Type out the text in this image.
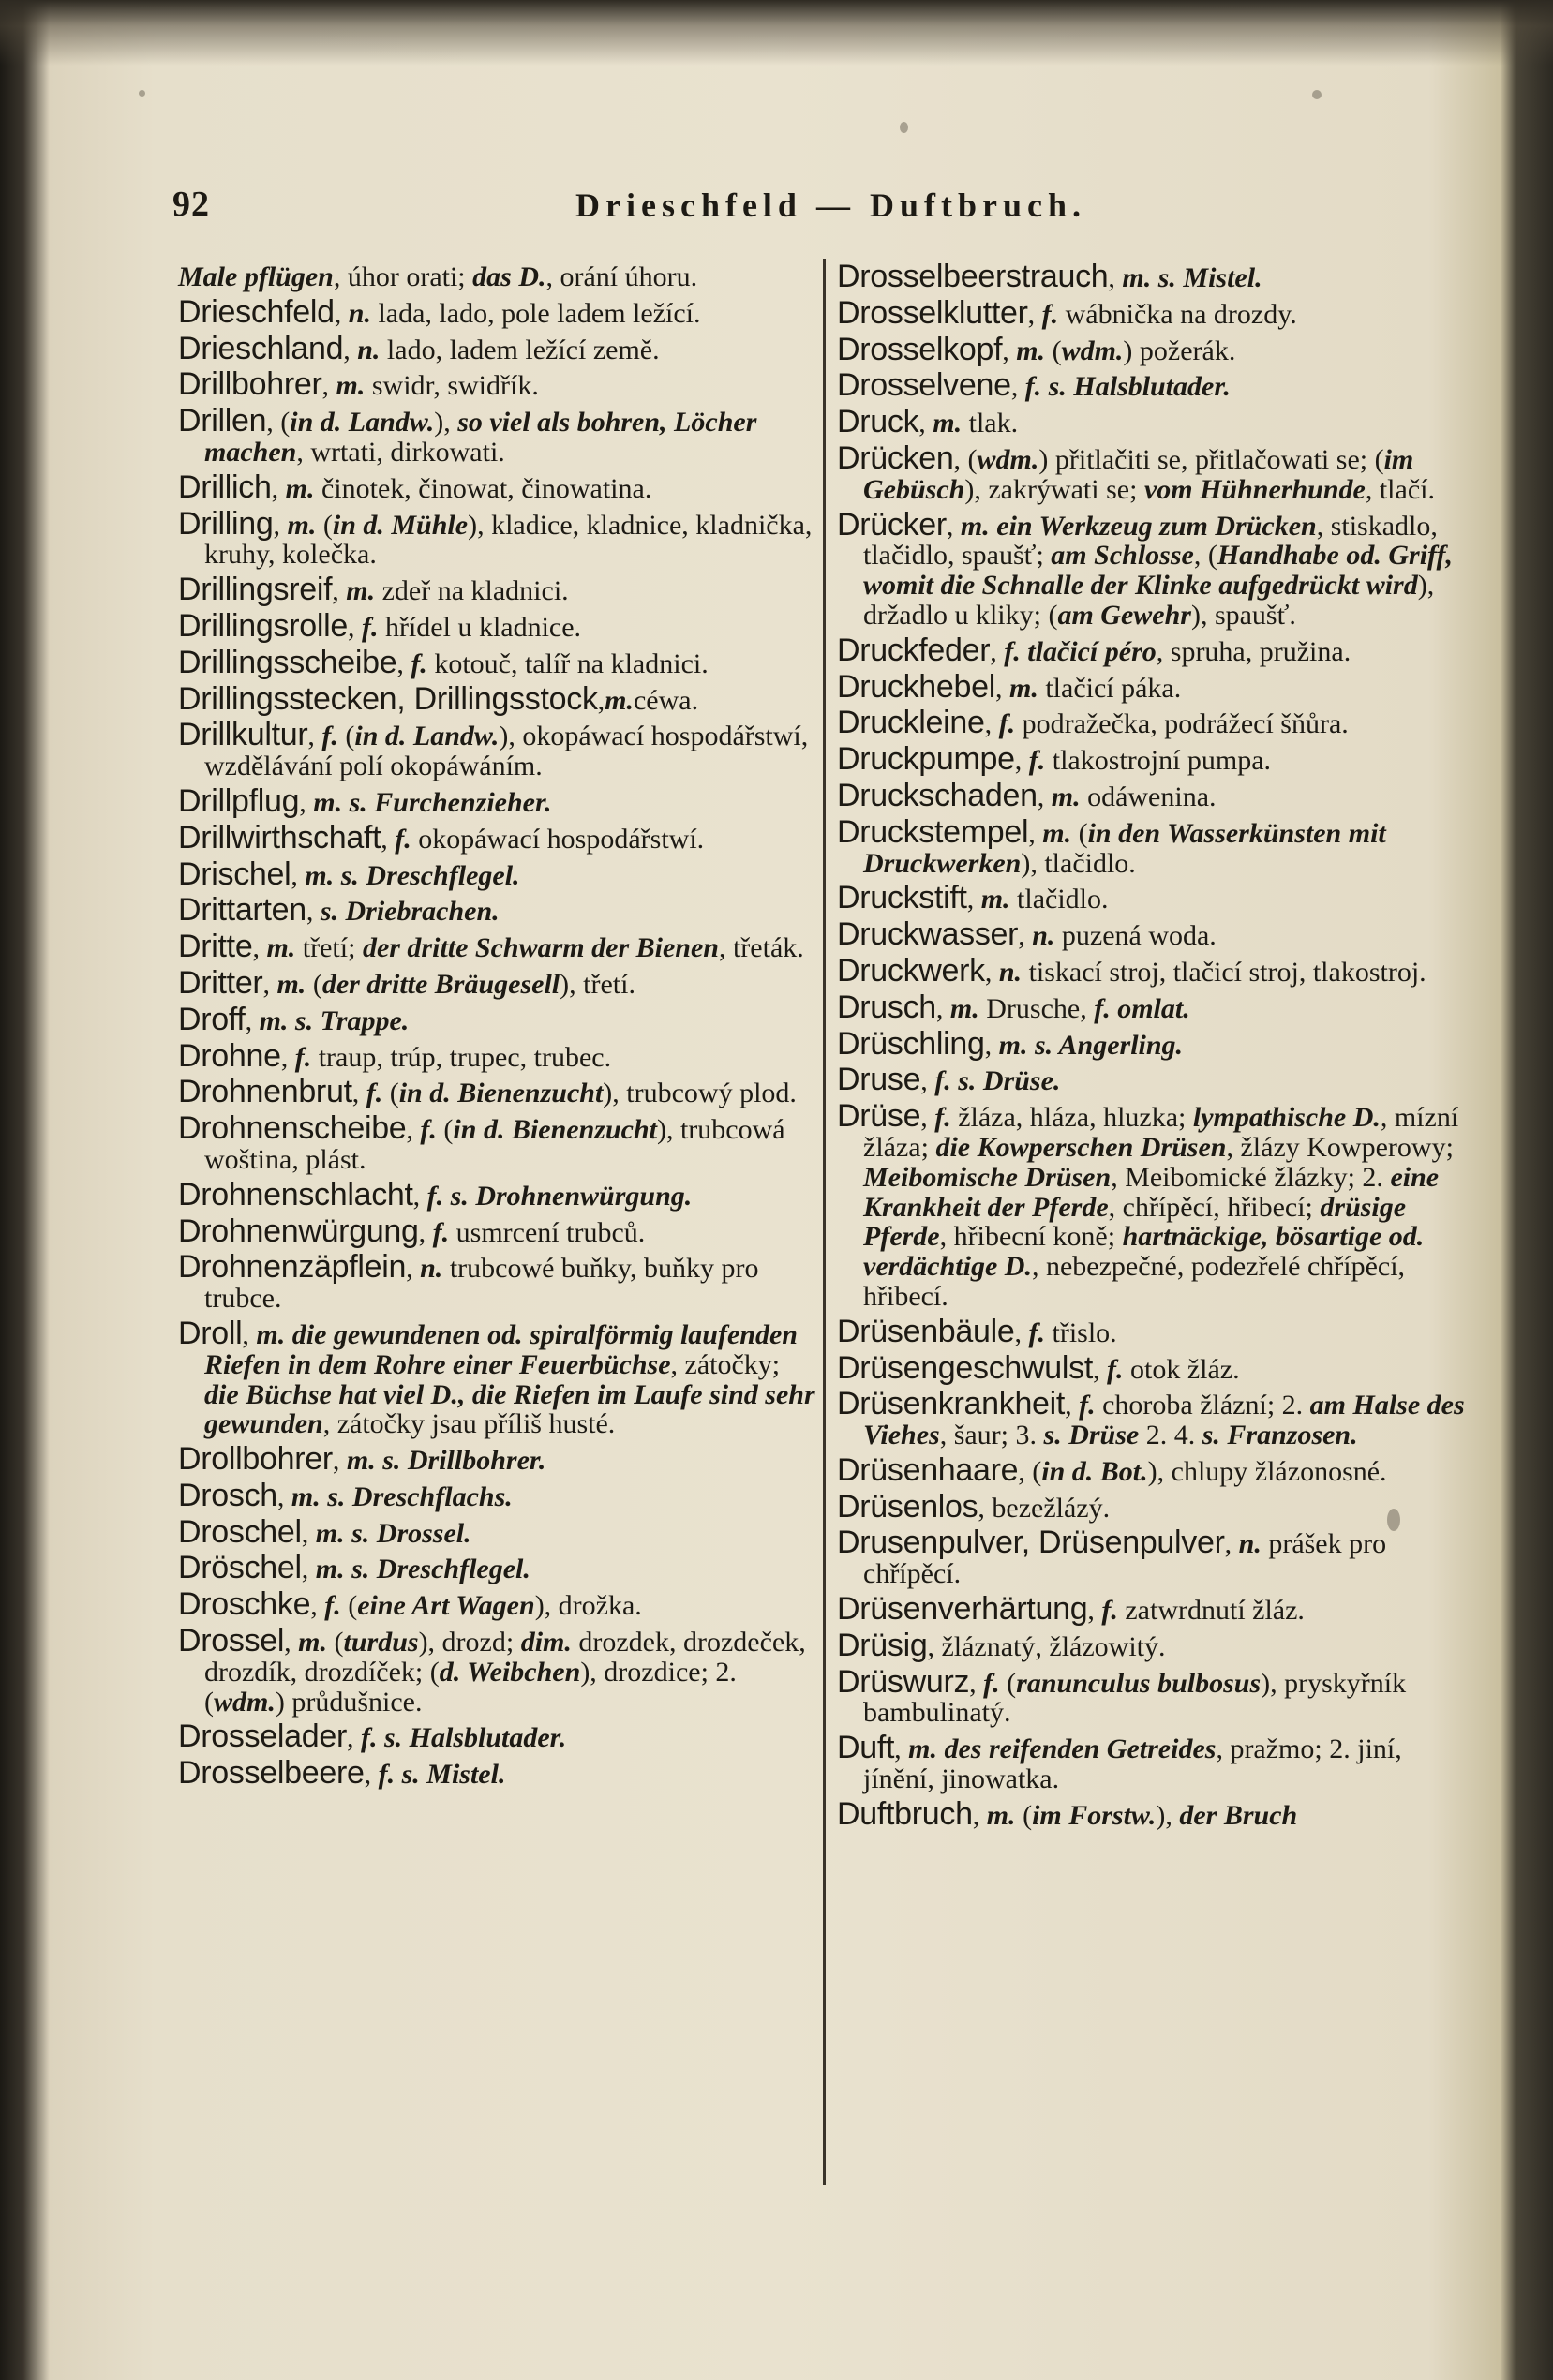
92	Drieschfeld — Duftbruch.

Male pflügen, úhor orati; das D., orání úhoru.

Drieschfeld, n. lada, lado, pole ladem ležící.

Drieschland, n. lado, ladem ležící země.

Drillbohrer, m. swidr, swidřík.

Drillen, (in d. Landw.), so viel als bohren, Löcher machen, wrtati, dirkowati.

Drillich, m. činotek, činowat, činowatina.

Drilling, m. (in d. Mühle), kladice, kladnice, kladnička, kruhy, kolečka.

Drillingsreif, m. zdeř na kladnici.

Drillingsrolle, f. hřídel u kladnice.

Drillingsscheibe, f. kotouč, talíř na kladnici.

Drillingsstecken, Drillingsstock,m.céwa.

Drillkultur, f. (in d. Landw.), okopáwací hospodářstwí, wzdělávání polí okopáwáním.

Drillpflug, m. s. Furchenzieher.

Drillwirthschaft, f. okopáwací hospodářstwí.

Drischel, m. s. Dreschflegel.

Drittarten, s. Driebrachen.

Dritte, m. třetí; der dritte Schwarm der Bienen, třeták.

Dritter, m. (der dritte Bräugesell), třetí.

Droff, m. s. Trappe.

Drohne, f. traup, trúp, trupec, trubec.

Drohnenbrut, f. (in d. Bienenzucht), trubcowý plod.

Drohnenscheibe, f. (in d. Bienenzucht), trubcowá woština, plást.

Drohnenschlacht, f. s. Drohnenwürgung.

Drohnenwürgung, f. usmrcení trubců.

Drohnenzäpflein, n. trubcowé buňky, buňky pro trubce.

Droll, m. die gewundenen od. spiralförmig laufenden Riefen in dem Rohre einer Feuerbüchse, zátočky; die Büchse hat viel D., die Riefen im Laufe sind sehr gewunden, zátočky jsau příliš husté.

Drollbohrer, m. s. Drillbohrer.

Drosch, m. s. Dreschflachs.

Droschel, m. s. Drossel.

Dröschel, m. s. Dreschflegel.

Droschke, f. (eine Art Wagen), drožka.

Drossel, m. (turdus), drozd; dim. drozdek, drozdeček, drozdík, drozdíček; (d. Weibchen), drozdice; 2. (wdm.) průdušnice.

Drosselader, f. s. Halsblutader.

Drosselbeere, f. s. Mistel.

Drosselbeerstrauch, m. s. Mistel.

Drosselklutter, f. wábnička na drozdy.

Drosselkopf, m. (wdm.) požerák.

Drosselvene, f. s. Halsblutader.

Druck, m. tlak.

Drücken, (wdm.) přitlačiti se, přitlačowati se; (im Gebüsch), zakrýwati se; vom Hühnerhunde, tlačí.

Drücker, m. ein Werkzeug zum Drücken, stiskadlo, tlačidlo, spaušť; am Schlosse, (Handhabe od. Griff, womit die Schnalle der Klinke aufgedrückt wird), držadlo u kliky; (am Gewehr), spaušť.

Druckfeder, f. tlačicí péro, spruha, pružina.

Druckhebel, m. tlačicí páka.

Druckleine, f. podražečka, podrážecí šňůra.

Druckpumpe, f. tlakostrojní pumpa.

Druckschaden, m. odáwenina.

Druckstempel, m. (in den Wasserkünsten mit Druckwerken), tlačidlo.

Druckstift, m. tlačidlo.

Druckwasser, n. puzená woda.

Druckwerk, n. tiskací stroj, tlačicí stroj, tlakostroj.

Drusch, m. Drusche, f. omlat.

Drüschling, m. s. Angerling.

Druse, f. s. Drüse.

Drüse, f. žláza, hláza, hluzka; lympathische D., mízní žláza; die Kowperschen Drüsen, žlázy Kowperowy; Meibomische Drüsen, Meibomické žlázky; 2. eine Krankheit der Pferde, chřípěcí, hřibecí; drüsige Pferde, hřibecní koně; hartnäckige, bösartige od. verdächtige D., nebezpečné, podezřelé chřípěcí, hřibecí.

Drüsenbäule, f. třislo.

Drüsengeschwulst, f. otok žláz.

Drüsenkrankheit, f. choroba žlázní; 2. am Halse des Viehes, šaur; 3. s. Drüse 2. 4. s. Franzosen.

Drüsenhaare, (in d. Bot.), chlupy žlázonosné.

Drüsenlos, bezežlázý.

Drusenpulver, Drüsenpulver, n. prášek pro chřípěcí.

Drüsenverhärtung, f. zatwrdnutí žláz.

Drüsig, žláznatý, žlázowitý.

Drüswurz, f. (ranunculus bulbosus), pryskyřník bambulinatý.

Duft, m. des reifenden Getreides, pražmo; 2. jiní, jínění, jinowatka.

Duftbruch, m. (im Forstw.), der Bruch
